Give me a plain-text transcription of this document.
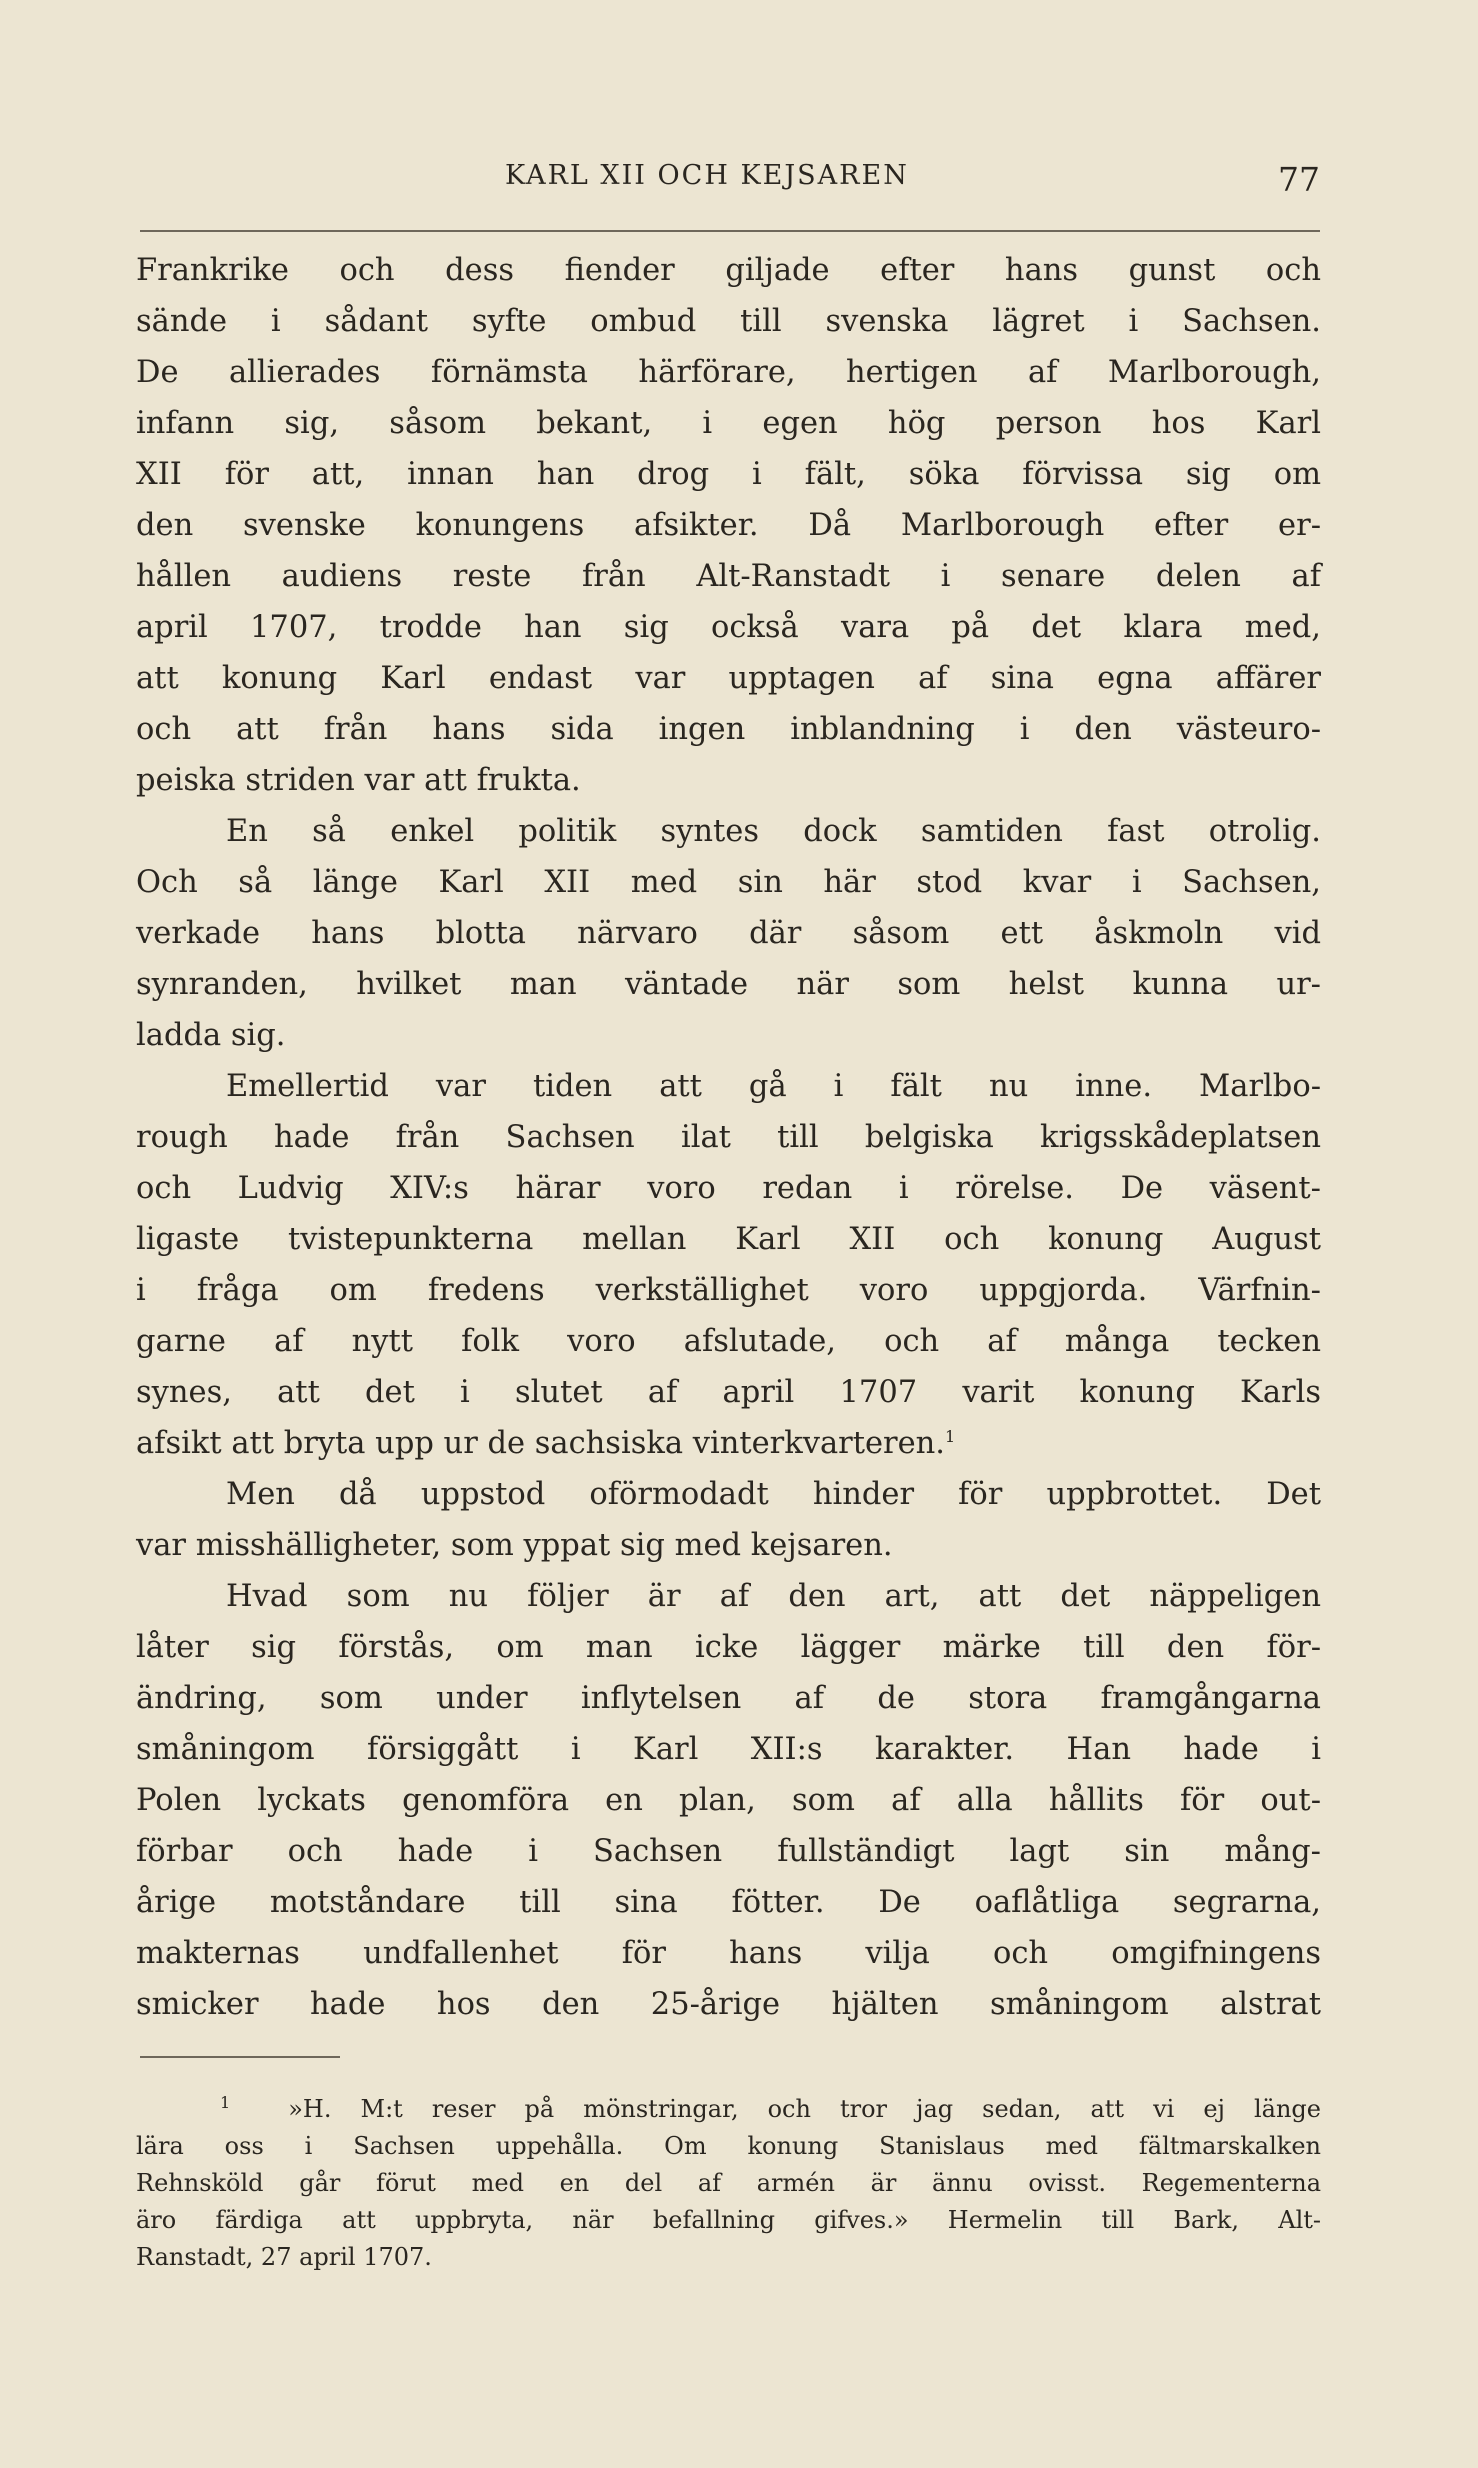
KARL XII OCH KEJSAREN	77
Frankrike och dess fiender giljade efter hans gunst och
sände i sådant syfte ombud till svenska lägret i Sachsen.
De allierades förnämsta härförare, hertigen af Marlborough,
infann sig, såsom bekant, i egen hög person hos Karl
XII för att, innan han drog i fält, söka förvissa sig om
den svenske konungens afsikter. Då Marlborough efter er-
hållen audiens reste från Alt-Ranstadt i senare delen af
april 1707, trodde han sig också vara på det klara med,
att konung Karl endast var upptagen af sina egna affärer
och att från hans sida ingen inblandning i den västeuro-
peiska striden var att frukta.
En så enkel politik syntes dock samtiden fast otrolig.
Och så länge Karl XII med sin här stod kvar i Sachsen,
verkade hans blotta närvaro där såsom ett åskmoln vid
synranden, hvilket man väntade när som helst kunna ur-
ladda sig.
Emellertid var tiden att gå i fält nu inne. Marlbo-
rough hade från Sachsen ilat till belgiska krigsskådeplatsen
och Ludvig XIV:s härar voro redan i rörelse. De väsent-
ligaste tvistepunkterna mellan Karl XII och konung August
i fråga om fredens verkställighet voro uppgjorda. Värfnin-
garne af nytt folk voro afslutade, och af många tecken
synes, att det i slutet af april 1707 varit konung Karls
afsikt att bryta upp ur de sachsiska vinterkvarteren.$^1$
Men då uppstod oförmodadt hinder för uppbrottet. Det
var misshälligheter, som yppat sig med kejsaren.
Hvad som nu följer är af den art, att det näppeligen
låter sig förstås, om man icke lägger märke till den för-
ändring, som under inflytelsen af de stora framgångarna
småningom försiggått i Karl XII:s karakter. Han hade i
Polen lyckats genomföra en plan, som af alla hållits för out-
förbar och hade i Sachsen fullständigt lagt sin mång-
årige motståndare till sina fötter. De oaflåtliga segrarna,
makternas undfallenhet för hans vilja och omgifningens
smicker hade hos den 25-årige hjälten småningom alstrat
$^1$ »H. M:t reser på mönstringar, och tror jag sedan, att vi ej länge
lära oss i Sachsen uppehålla. Om konung Stanislaus med fältmarskalken
Rehnsköld går förut med en del af armén är ännu ovisst. Regementerna
äro färdiga att uppbryta, när befallning gifves.» Hermelin till Bark, Alt-
Ranstadt, 27 april 1707.
